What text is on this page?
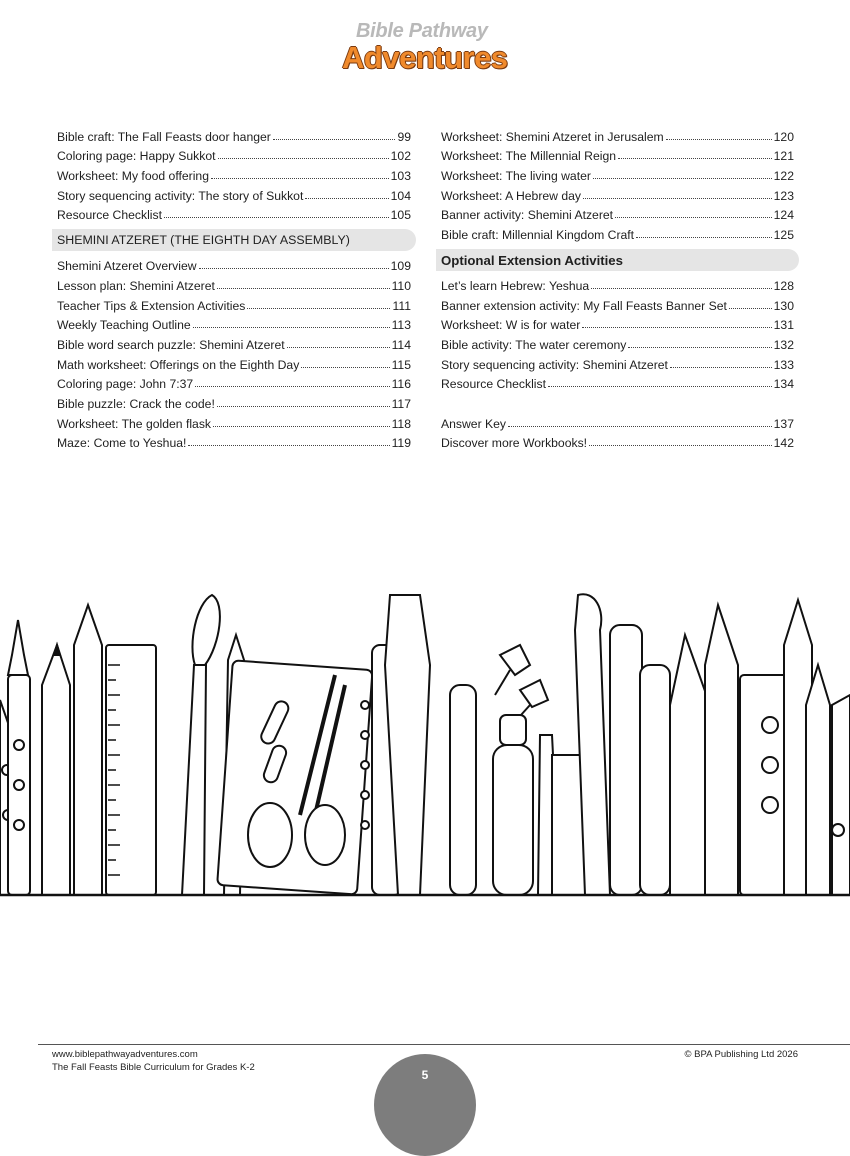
Bible Pathway
Adventures
Bible craft: The Fall Feasts door hanger	99
Coloring page: Happy Sukkot	102
Worksheet: My food offering	103
Story sequencing activity: The story of Sukkot	104
Resource Checklist	105
SHEMINI ATZERET (THE EIGHTH DAY ASSEMBLY)
Shemini Atzeret Overview	109
Lesson plan: Shemini Atzeret	110
Teacher Tips & Extension Activities	111
Weekly Teaching Outline	113
Bible word search puzzle: Shemini Atzeret	114
Math worksheet: Offerings on the Eighth Day	115
Coloring page: John 7:37	116
Bible puzzle: Crack the code!	117
Worksheet: The golden flask	118
Maze: Come to Yeshua!	119
Worksheet: Shemini Atzeret in Jerusalem	120
Worksheet: The Millennial Reign	121
Worksheet: The living water	122
Worksheet: A Hebrew day	123
Banner activity: Shemini Atzeret	124
Bible craft: Millennial Kingdom Craft	125
Optional Extension Activities
Let’s learn Hebrew: Yeshua	128
Banner extension activity: My Fall Feasts Banner Set	130
Worksheet: W is for water	131
Bible activity: The water ceremony	132
Story sequencing activity: Shemini Atzeret	133
Resource Checklist	134
Answer Key	137
Discover more Workbooks!	142
www.biblepathwayadventures.com
The Fall Feasts Bible Curriculum for Grades K-2
© BPA Publishing Ltd 2026
5
